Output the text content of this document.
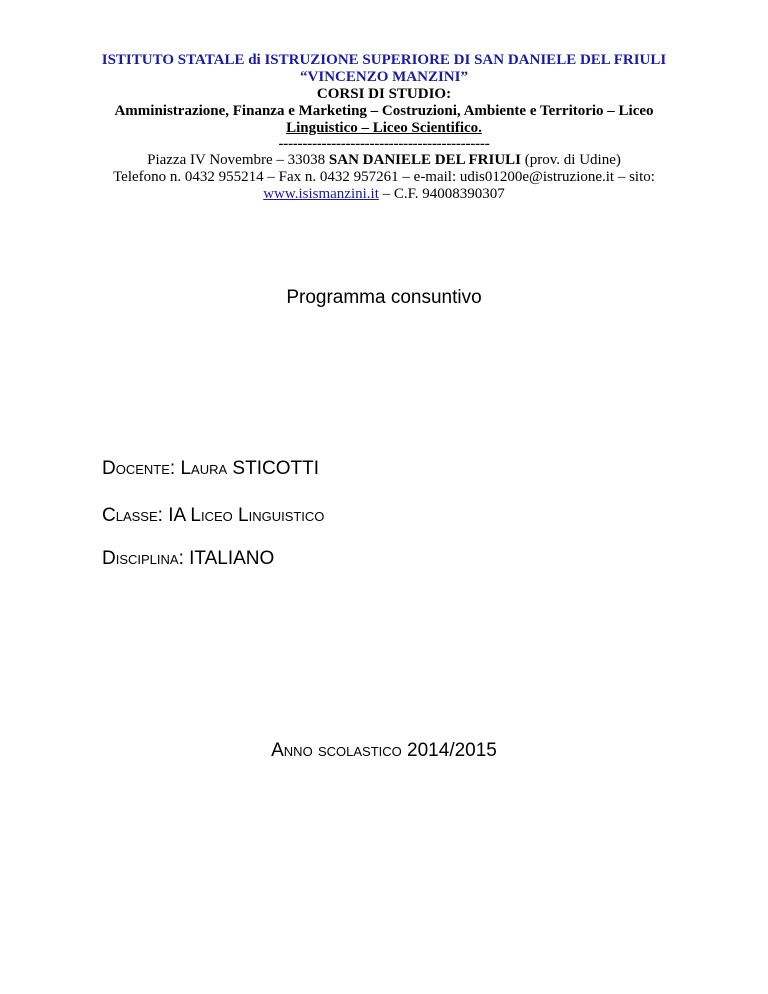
ISTITUTO STATALE di ISTRUZIONE SUPERIORE DI SAN DANIELE DEL FRIULI
“VINCENZO MANZINI”
CORSI DI STUDIO:
Amministrazione, Finanza e Marketing – Costruzioni, Ambiente e Territorio – Liceo
Linguistico – Liceo Scientifico.
--------------------------------------------
Piazza IV Novembre – 33038 SAN DANIELE DEL FRIULI (prov. di Udine)
Telefono n. 0432 955214 – Fax n. 0432 957261 – e-mail: udis01200e@istruzione.it – sito:
www.isismanzini.it – C.F. 94008390307
Programma consuntivo
Docente: Laura STICOTTI
Classe: IA Liceo Linguistico
Disciplina: ITALIANO
Anno scolastico 2014/2015
